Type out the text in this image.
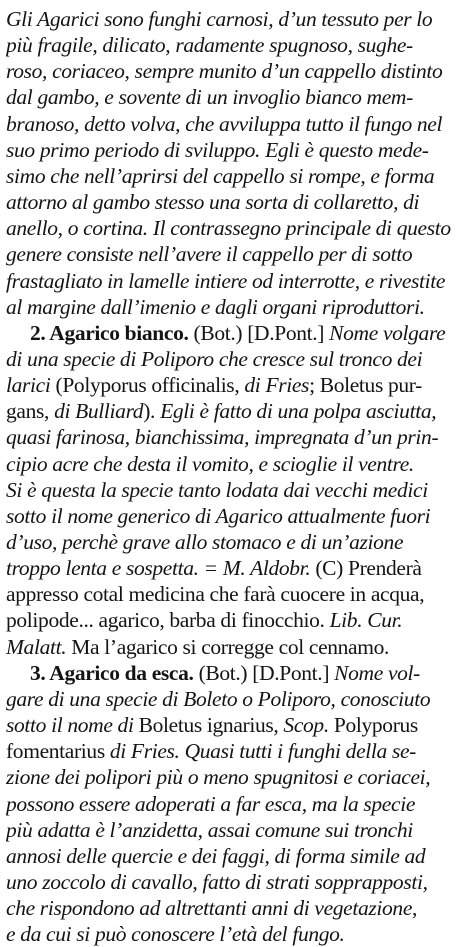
Gli Agarici sono funghi carnosi, d’un tessuto per lo
più fragile, dilicato, radamente spugnoso, sughe-
roso, coriaceo, sempre munito d’un cappello distinto
dal gambo, e sovente di un invoglio bianco mem-
branoso, detto volva, che avviluppa tutto il fungo nel
suo primo periodo di sviluppo. Egli è questo mede-
simo che nell’aprirsi del cappello si rompe, e forma
attorno al gambo stesso una sorta di collaretto, di
anello, o cortina. Il contrassegno principale di questo
genere consiste nell’avere il cappello per di sotto
frastagliato in lamelle intiere od interrotte, e rivestite
al margine dall’imenio e dagli organi riproduttori.
2. Agarico bianco. (Bot.) [D.Pont.] Nome volgare
di una specie di Poliporo che cresce sul tronco dei
larici (Polyporus officinalis, di Fries; Boletus pur-
gans, di Bulliard). Egli è fatto di una polpa asciutta,
quasi farinosa, bianchissima, impregnata d’un prin-
cipio acre che desta il vomito, e scioglie il ventre.
Si è questa la specie tanto lodata dai vecchi medici
sotto il nome generico di Agarico attualmente fuori
d’uso, perchè grave allo stomaco e di un’azione
troppo lenta e sospetta. = M. Aldobr. (C) Prenderà
appresso cotal medicina che farà cuocere in acqua,
polipode... agarico, barba di finocchio. Lib. Cur.
Malatt. Ma l’agarico si corregge col cennamo.
3. Agarico da esca. (Bot.) [D.Pont.] Nome vol-
gare di una specie di Boleto o Poliporo, conosciuto
sotto il nome di Boletus ignarius, Scop. Polyporus
fomentarius di Fries. Quasi tutti i funghi della se-
zione dei polipori più o meno spugnitosi e coriacei,
possono essere adoperati a far esca, ma la specie
più adatta è l’anzidetta, assai comune sui tronchi
annosi delle quercie e dei faggi, di forma simile ad
uno zoccolo di cavallo, fatto di strati sopprapposti,
che rispondono ad altrettanti anni di vegetazione,
e da cui si può conoscere l’età del fungo.
